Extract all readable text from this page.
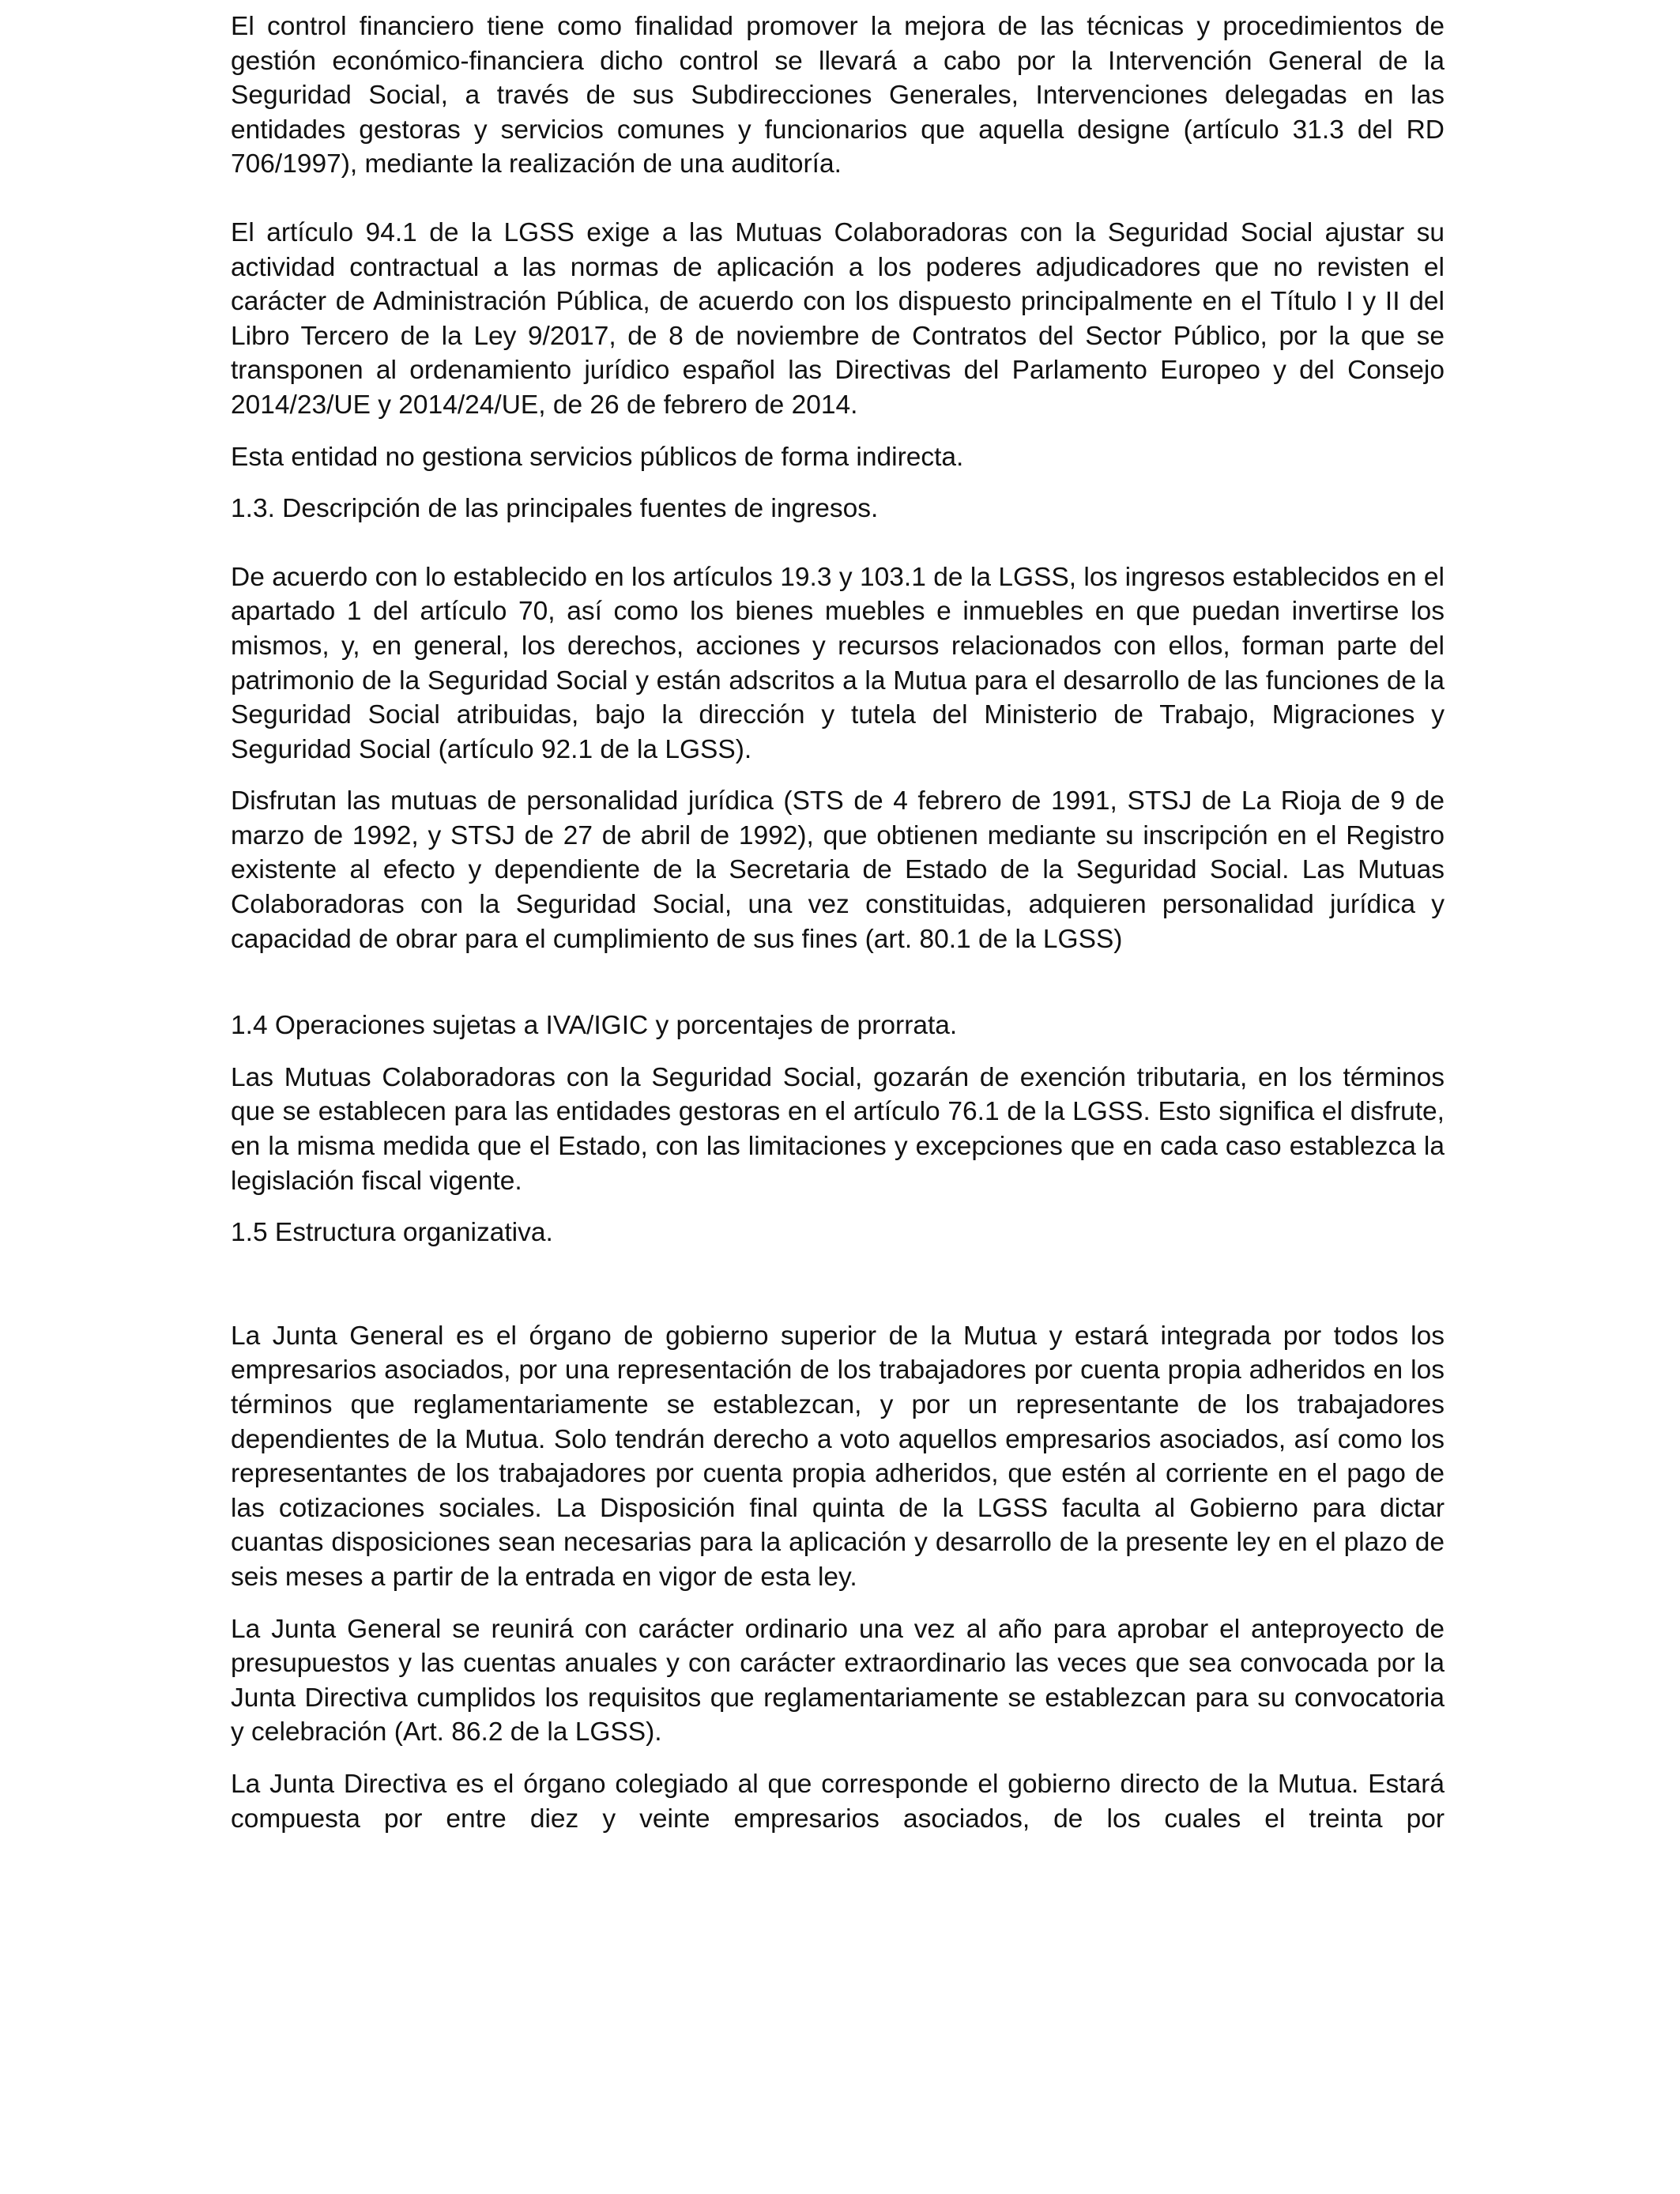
El control financiero tiene como finalidad promover la mejora de las técnicas y procedimientos de gestión económico-financiera dicho control se llevará a cabo por la Intervención General de la Seguridad Social, a través de sus Subdirecciones Generales, Intervenciones delegadas en las entidades gestoras y servicios comunes y funcionarios que aquella designe (artículo 31.3 del RD 706/1997), mediante la realización de una auditoría.

El artículo 94.1 de la LGSS exige a las Mutuas Colaboradoras con la Seguridad Social ajustar su actividad contractual a las normas de aplicación a los poderes adjudicadores que no revisten el carácter de Administración Pública, de acuerdo con los dispuesto principalmente en el Título I y II del Libro Tercero de la Ley 9/2017, de 8 de noviembre de Contratos del Sector Público, por la que se transponen al ordenamiento jurídico español las Directivas del Parlamento Europeo y del Consejo 2014/23/UE y 2014/24/UE, de 26 de febrero de 2014.

Esta entidad no gestiona servicios públicos de forma indirecta.

1.3. Descripción de las principales fuentes de ingresos.

De acuerdo con lo establecido en los artículos 19.3 y 103.1 de la LGSS, los ingresos establecidos en el apartado 1 del artículo 70, así como los bienes muebles e inmuebles en que puedan invertirse los mismos, y, en general, los derechos, acciones y recursos relacionados con ellos, forman parte del patrimonio de la Seguridad Social y están adscritos a la Mutua para el desarrollo de las funciones de la Seguridad Social atribuidas, bajo la dirección y tutela del Ministerio de Trabajo, Migraciones y Seguridad Social (artículo 92.1 de la LGSS).

Disfrutan las mutuas de personalidad jurídica (STS de 4 febrero de 1991, STSJ de La Rioja de 9 de marzo de 1992, y STSJ de 27 de abril de 1992), que obtienen mediante su inscripción en el Registro existente al efecto y dependiente de la Secretaria de Estado de la Seguridad Social. Las Mutuas Colaboradoras con la Seguridad Social, una vez constituidas, adquieren personalidad jurídica y capacidad de obrar para el cumplimiento de sus fines (art. 80.1 de la LGSS)

1.4 Operaciones sujetas a IVA/IGIC y porcentajes de prorrata.

Las Mutuas Colaboradoras con la Seguridad Social, gozarán de exención tributaria, en los términos que se establecen para las entidades gestoras en el artículo 76.1 de la LGSS. Esto significa el disfrute, en la misma medida que el Estado, con las limitaciones y excepciones que en cada caso establezca la legislación fiscal vigente.

1.5 Estructura organizativa.

La Junta General es el órgano de gobierno superior de la Mutua y estará integrada por todos los empresarios asociados, por una representación de los trabajadores por cuenta propia adheridos en los términos que reglamentariamente se establezcan, y por un representante de los trabajadores dependientes de la Mutua. Solo tendrán derecho a voto aquellos empresarios asociados, así como los representantes de los trabajadores por cuenta propia adheridos, que estén al corriente en el pago de las cotizaciones sociales. La Disposición final quinta de la LGSS faculta al Gobierno para dictar cuantas disposiciones sean necesarias para la aplicación y desarrollo de la presente ley en el plazo de seis meses a partir de la entrada en vigor de esta ley.

La Junta General se reunirá con carácter ordinario una vez al año para aprobar el anteproyecto de presupuestos y las cuentas anuales y con carácter extraordinario las veces que sea convocada por la Junta Directiva cumplidos los requisitos que reglamentariamente se establezcan para su convocatoria y celebración (Art. 86.2 de la LGSS).

La Junta Directiva es el órgano colegiado al que corresponde el gobierno directo de la Mutua. Estará compuesta por entre diez y veinte empresarios asociados, de los cuales el treinta por
